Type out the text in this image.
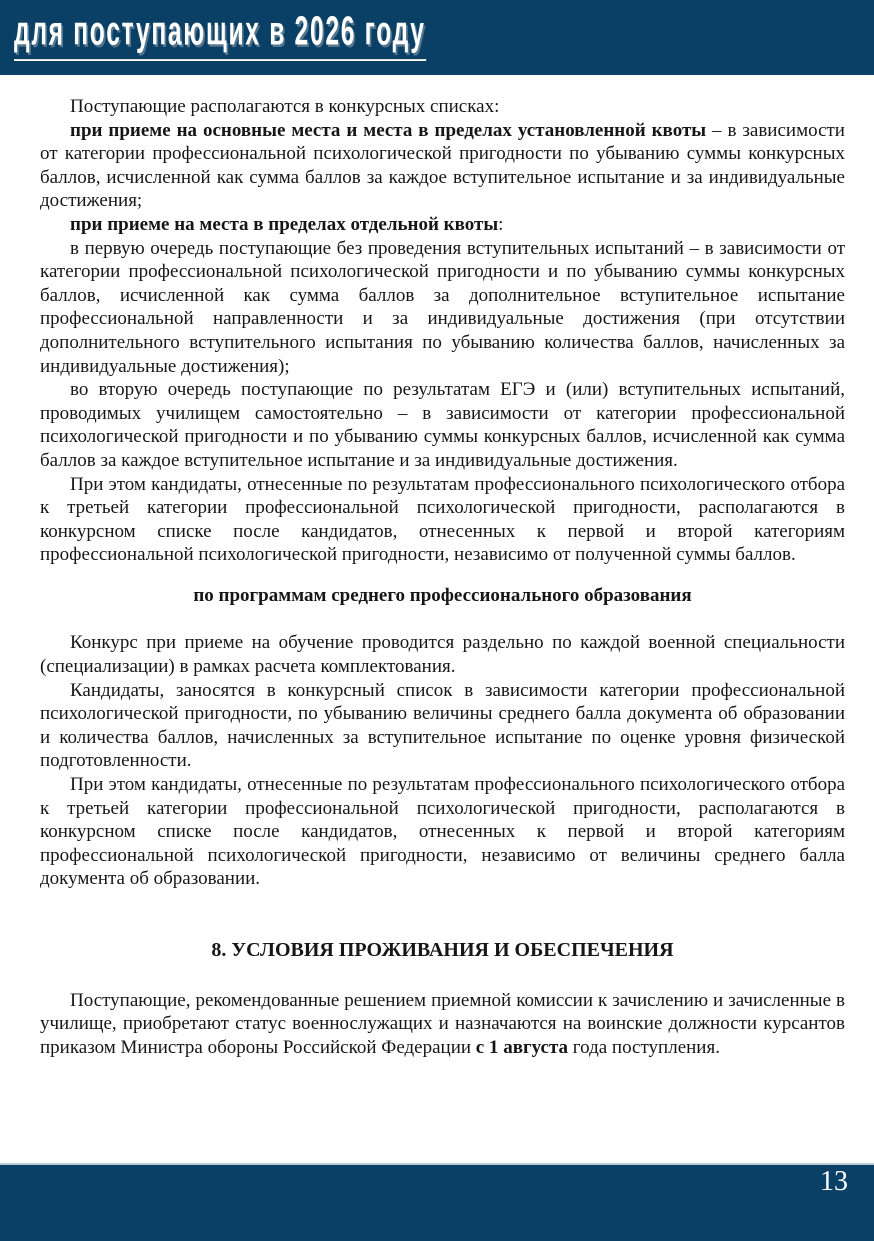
для поступающих в 2026 году

Поступающие располагаются в конкурсных списках:

при приеме на основные места и места в пределах установленной квоты – в зависимости от категории профессиональной психологической пригодности по убыванию суммы конкурсных баллов, исчисленной как сумма баллов за каждое вступительное испытание и за индивидуальные достижения;

при приеме на места в пределах отдельной квоты:

в первую очередь поступающие без проведения вступительных испытаний – в зависимости от категории профессиональной психологической пригодности и по убыванию суммы конкурсных баллов, исчисленной как сумма баллов за дополнительное вступительное испытание профессиональной направленности и за индивидуальные достижения (при отсутствии дополнительного вступительного испытания по убыванию количества баллов, начисленных за индивидуальные достижения);

во вторую очередь поступающие по результатам ЕГЭ и (или) вступительных испытаний, проводимых училищем самостоятельно – в зависимости от категории профессиональной психологической пригодности и по убыванию суммы конкурсных баллов, исчисленной как сумма баллов за каждое вступительное испытание и за индивидуальные достижения.

При этом кандидаты, отнесенные по результатам профессионального психологического отбора к третьей категории профессиональной психологической пригодности, располагаются в конкурсном списке после кандидатов, отнесенных к первой и второй категориям профессиональной психологической пригодности, независимо от полученной суммы баллов.

по программам среднего профессионального образования

Конкурс при приеме на обучение проводится раздельно по каждой военной специальности (специализации) в рамках расчета комплектования.

Кандидаты, заносятся в конкурсный список в зависимости категории профессиональной психологической пригодности, по убыванию величины среднего балла документа об образовании и количества баллов, начисленных за вступительное испытание по оценке уровня физической подготовленности.

При этом кандидаты, отнесенные по результатам профессионального психологического отбора к третьей категории профессиональной психологической пригодности, располагаются в конкурсном списке после кандидатов, отнесенных к первой и второй категориям профессиональной психологической пригодности, независимо от величины среднего балла документа об образовании.

8. УСЛОВИЯ ПРОЖИВАНИЯ И ОБЕСПЕЧЕНИЯ

Поступающие, рекомендованные решением приемной комиссии к зачислению и зачисленные в училище, приобретают статус военнослужащих и назначаются на воинские должности курсантов приказом Министра обороны Российской Федерации с 1 августа года поступления.

13
